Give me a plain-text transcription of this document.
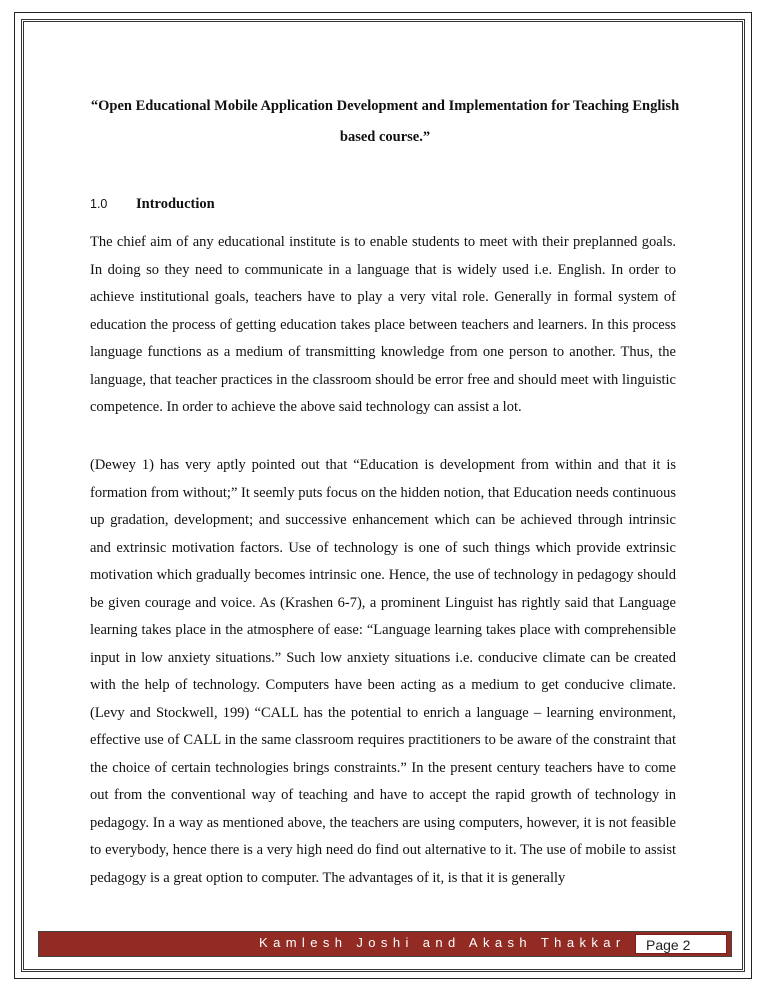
“Open Educational Mobile Application Development and Implementation for Teaching English based course.”
1.0	Introduction

The chief aim of any educational institute is to enable students to meet with their preplanned goals. In doing so they need to communicate in a language that is widely used i.e. English. In order to achieve institutional goals, teachers have to play a very vital role. Generally in formal system of education the process of getting education takes place between teachers and learners. In this process language functions as a medium of transmitting knowledge from one person to another. Thus, the language, that teacher practices in the classroom should be error free and should meet with linguistic competence. In order to achieve the above said technology can assist a lot.

(Dewey 1) has very aptly pointed out that “Education is development from within and that it is formation from without;” It seemly puts focus on the hidden notion, that Education needs continuous up gradation, development; and successive enhancement which can be achieved through intrinsic and extrinsic motivation factors. Use of technology is one of such things which provide extrinsic motivation which gradually becomes intrinsic one. Hence, the use of technology in pedagogy should be given courage and voice. As (Krashen 6-7), a prominent Linguist has rightly said that Language learning takes place in the atmosphere of ease: “Language learning takes place with comprehensible input in low anxiety situations.” Such low anxiety situations i.e. conducive climate can be created with the help of technology. Computers have been acting as a medium to get conducive climate. (Levy and Stockwell, 199) “CALL has the potential to enrich a language – learning environment, effective use of CALL in the same classroom requires practitioners to be aware of the constraint that the choice of certain technologies brings constraints.” In the present century teachers have to come out from the conventional way of teaching and have to accept the rapid growth of technology in pedagogy. In a way as mentioned above, the teachers are using computers, however, it is not feasible to everybody, hence there is a very high need do find out alternative to it. The use of mobile to assist pedagogy is a great option to computer. The advantages of it, is that it is generally

Kamlesh Joshi and Akash Thakkar	Page 2
